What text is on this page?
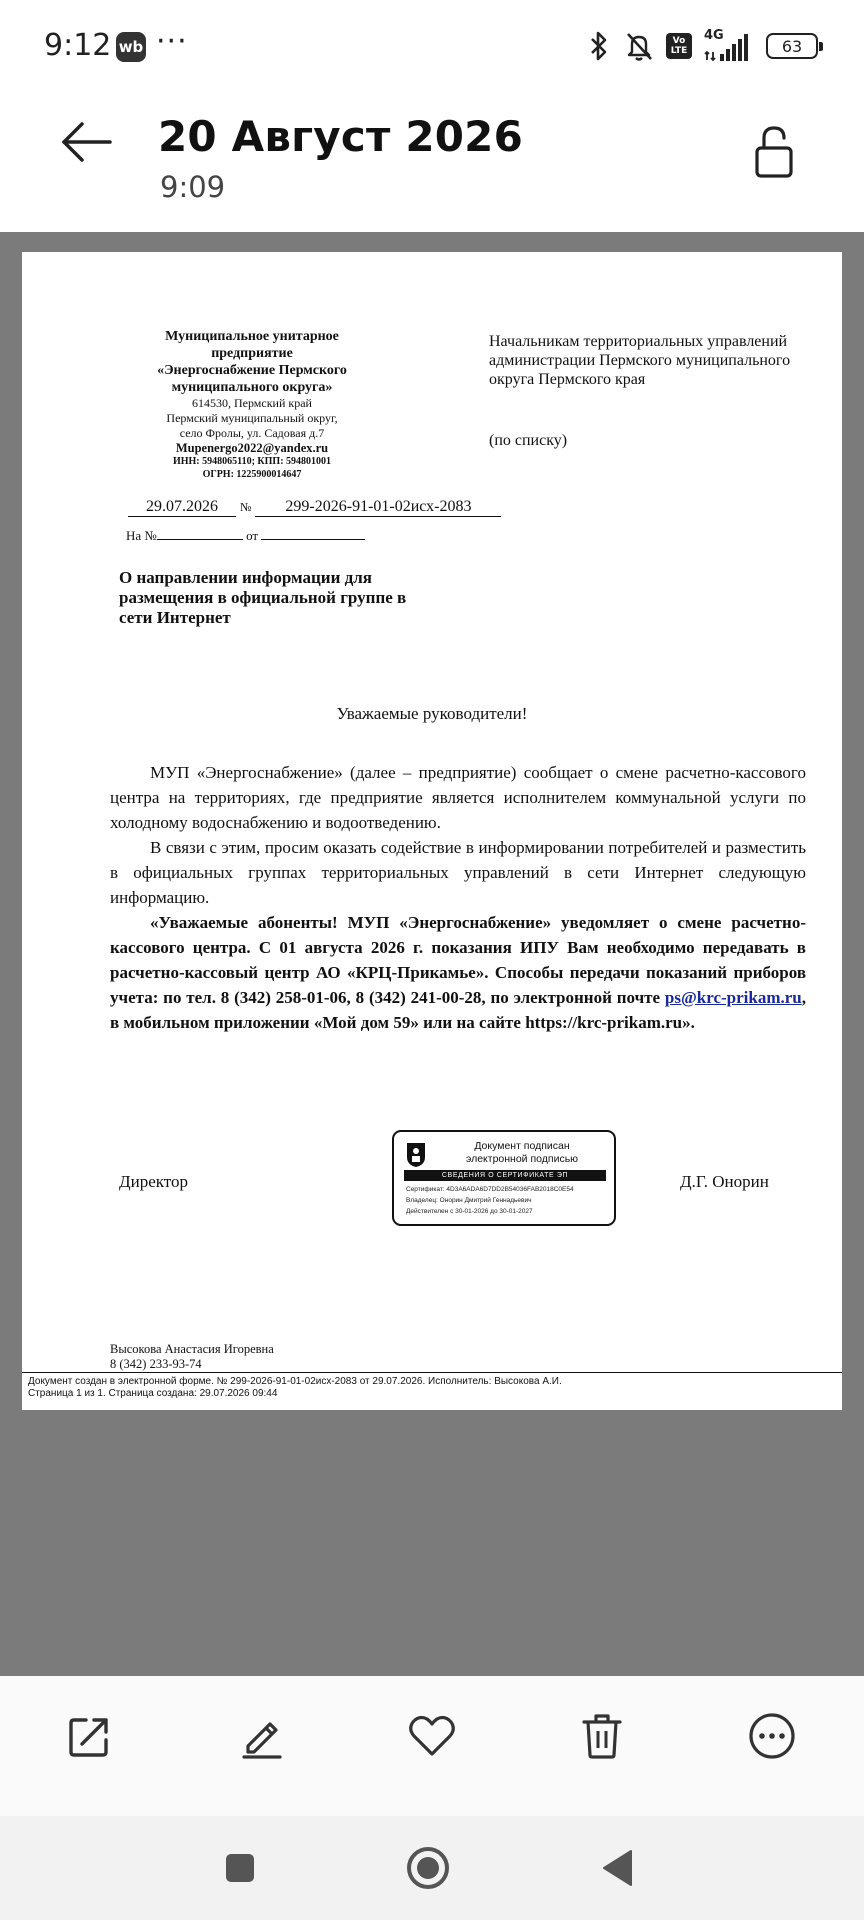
9:12 wb ···	Vo
LTE
4G
63
20 Август 2026
9:09
Муниципальное унитарное
предприятие
«Энергоснабжение Пермского
муниципального округа»
614530, Пермский край
Пермский муниципальный округ,
село Фролы, ул. Садовая д.7
Mupenergo2022@yandex.ru
ИНН: 5948065110; КПП: 594801001
ОГРН: 1225900014647
Начальникам территориальных управлений администрации Пермского муниципального округа Пермского края
(по списку)
29.07.2026 № 299-2026-91-01-02исх-2083
На №	от
О направлении информации для размещения в официальной группе в сети Интернет
Уважаемые руководители!

МУП «Энергоснабжение» (далее – предприятие) сообщает о смене расчетно-кассового центра на территориях, где предприятие является исполнителем коммунальной услуги по холодному водоснабжению и водоотведению.

В связи с этим, просим оказать содействие в информировании потребителей и разместить в официальных группах территориальных управлений в сети Интернет следующую информацию.

«Уважаемые абоненты! МУП «Энергоснабжение» уведомляет о смене расчетно-кассового центра. С 01 августа 2026 г. показания ИПУ Вам необходимо передавать в расчетно-кассовый центр АО «КРЦ-Прикамье». Способы передачи показаний приборов учета: по тел. 8 (342) 258-01-06, 8 (342) 241-00-28, по электронной почте ps@krc-prikam.ru, в мобильном приложении «Мой дом 59» или на сайте https://krc-prikam.ru».

Директор
Документ подписан
электронной подписью
СВЕДЕНИЯ О СЕРТИФИКАТЕ ЭП
Сертификат: 4D3A6ADA6D7DD2B54036FAB2018C0E54
Владелец: Онорин Дмитрий Геннадьевич
Действителен с 30-01-2026 до 30-01-2027
Д.Г. Онорин
Высокова Анастасия Игоревна
8 (342) 233-93-74
Документ создан в электронной форме. № 299-2026-91-01-02исх-2083 от 29.07.2026. Исполнитель: Высокова А.И.
Страница 1 из 1. Страница создана: 29.07.2026 09:44
